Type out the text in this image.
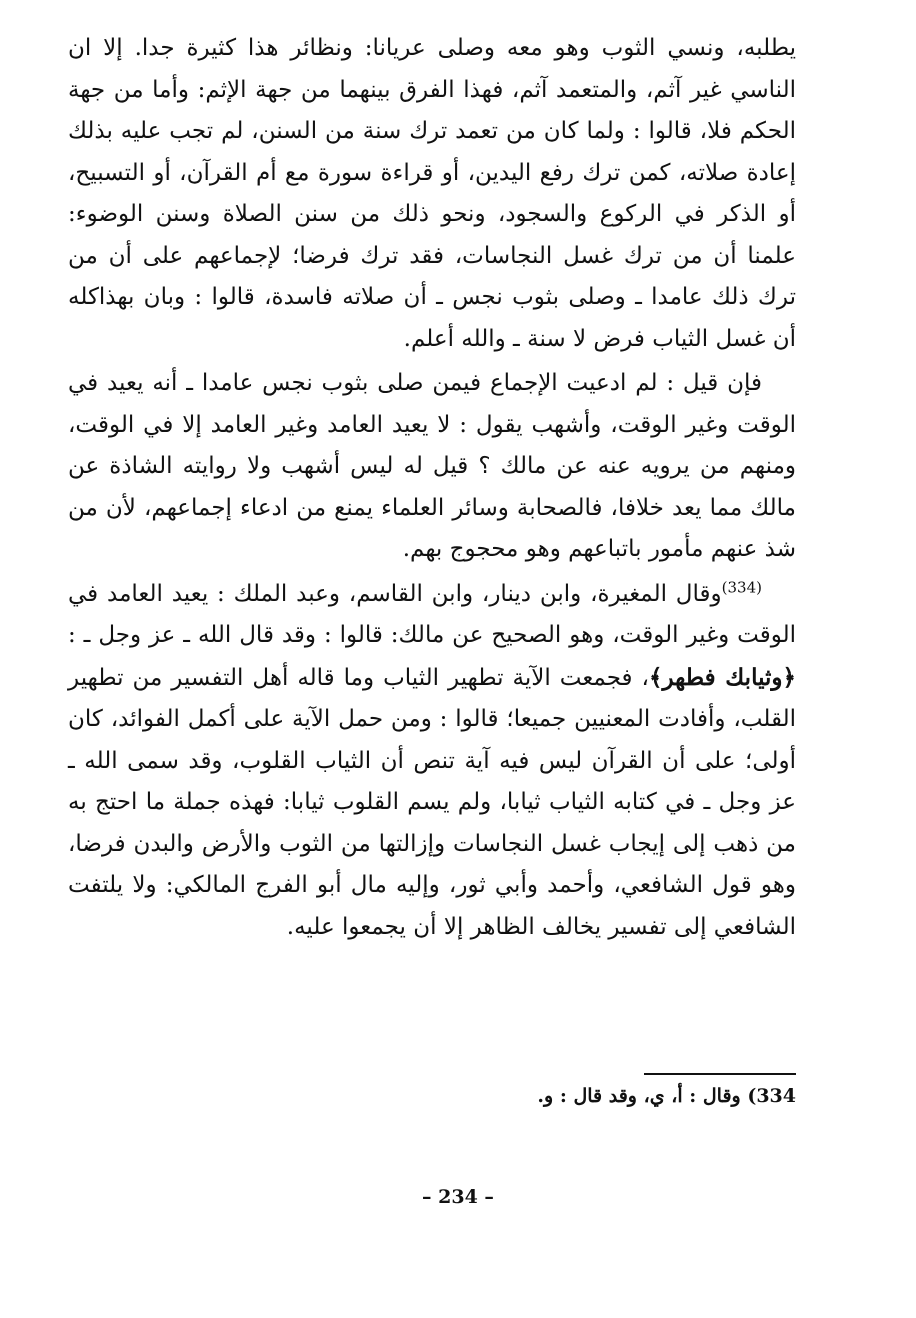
يطلبه، ونسي الثوب وهو معه وصلى عريانا: ونظائر هذا كثيرة جدا. إلا ان الناسي غير آثم، والمتعمد آثم، فهذا الفرق بينهما من جهة الإثم: وأما من جهة الحكم فلا، قالوا : ولما كان من تعمد ترك سنة من السنن، لم تجب عليه بذلك إعادة صلاته، كمن ترك رفع اليدين، أو قراءة سورة مع أم القرآن، أو التسبيح، أو الذكر في الركوع والسجود، ونحو ذلك من سنن الصلاة وسنن الوضوء: علمنا أن من ترك غسل النجاسات، فقد ترك فرضا؛ لإجماعهم على أن من ترك ذلك عامدا ـ وصلى بثوب نجس ـ أن صلاته فاسدة، قالوا : وبان بهذاكله أن غسل الثياب فرض لا سنة ـ والله أعلم.

فإن قيل : لم ادعيت الإجماع فيمن صلى بثوب نجس عامدا ـ أنه يعيد في الوقت وغير الوقت، وأشهب يقول : لا يعيد العامد وغير العامد إلا في الوقت، ومنهم من يرويه عنه عن مالك ؟ قيل له ليس أشهب ولا روايته الشاذة عن مالك مما يعد خلافا، فالصحابة وسائر العلماء يمنع من ادعاء إجماعهم، لأن من شذ عنهم مأمور باتباعهم وهو محجوج بهم.

$^{(334)}$وقال المغيرة، وابن دينار، وابن القاسم، وعبد الملك : يعيد العامد في الوقت وغير الوقت، وهو الصحيح عن مالك: قالوا : وقد قال الله ـ عز وجل ـ : ﴿وثيابك فطهر﴾، فجمعت الآية تطهير الثياب وما قاله أهل التفسير من تطهير القلب، وأفادت المعنيين جميعا؛ قالوا : ومن حمل الآية على أكمل الفوائد، كان أولى؛ على أن القرآن ليس فيه آية تنص أن الثياب القلوب، وقد سمى الله ـ عز وجل ـ في كتابه الثياب ثيابا، ولم يسم القلوب ثيابا: فهذه جملة ما احتج به من ذهب إلى إيجاب غسل النجاسات وإزالتها من الثوب والأرض والبدن فرضا، وهو قول الشافعي، وأحمد وأبي ثور، وإليه مال أبو الفرج المالكي: ولا يلتفت الشافعي إلى تفسير يخالف الظاهر إلا أن يجمعوا عليه.

334) وقال : أ، ي، وقد قال : و.
– 234 –
